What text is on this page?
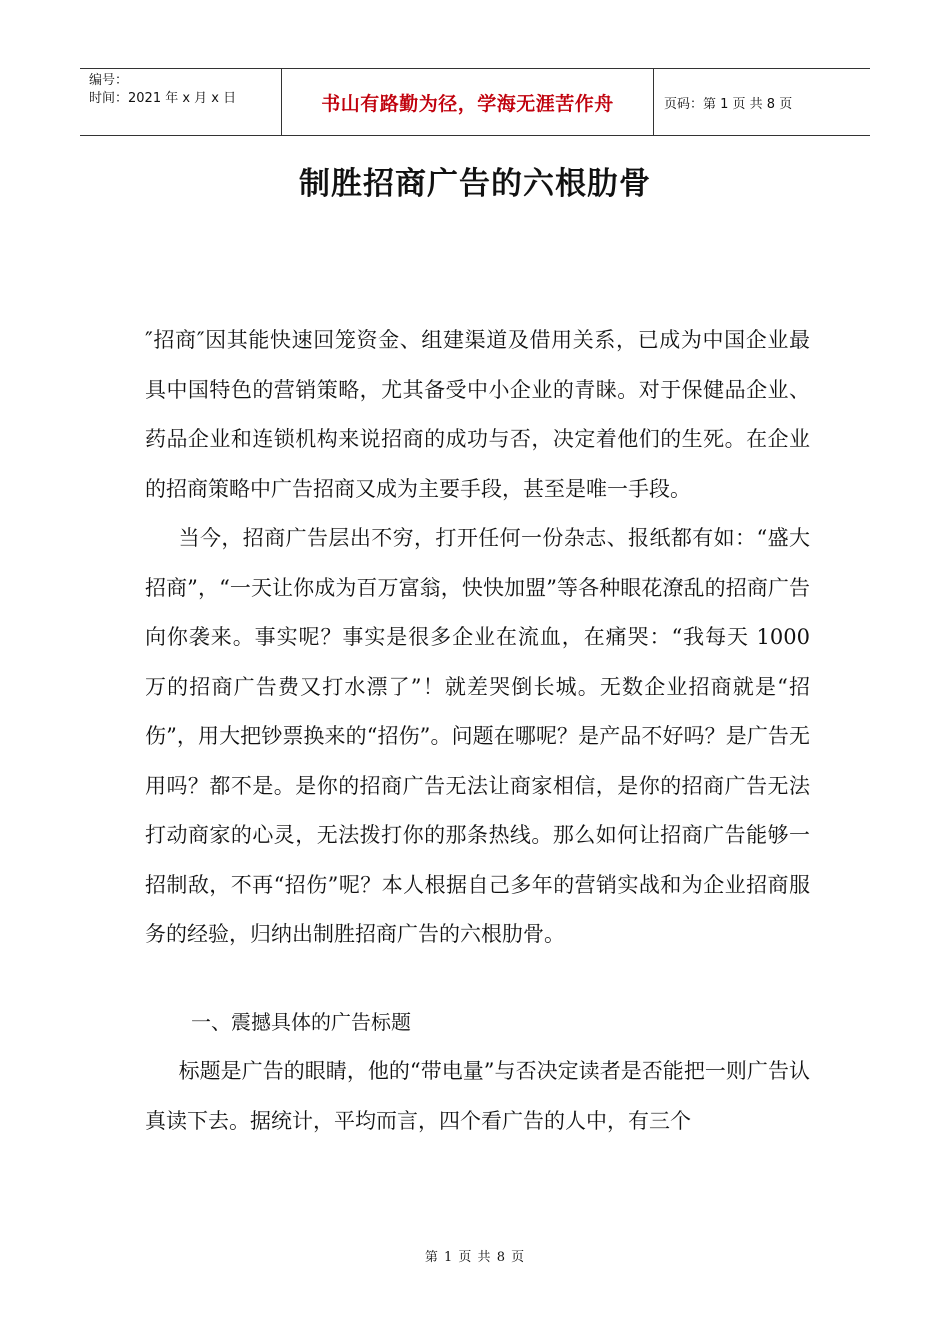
编号：
时间：2021 年 x 月 x 日	书山有路勤为径，学海无涯苦作舟	页码：第 1 页 共 8 页
制胜招商广告的六根肋骨

″招商″因其能快速回笼资金、组建渠道及借用关系，已成为中国企业最具中国特色的营销策略，尤其备受中小企业的青睐。对于保健品企业、药品企业和连锁机构来说招商的成功与否，决定着他们的生死。在企业的招商策略中广告招商又成为主要手段，甚至是唯一手段。

当今，招商广告层出不穷，打开任何一份杂志、报纸都有如：“盛大招商”，“一天让你成为百万富翁，快快加盟”等各种眼花潦乱的招商广告向你袭来。事实呢？事实是很多企业在流血，在痛哭：“我每天 1000 万的招商广告费又打水漂了”！就差哭倒长城。无数企业招商就是“招伤”，用大把钞票换来的“招伤”。问题在哪呢？是产品不好吗？是广告无用吗？都不是。是你的招商广告无法让商家相信，是你的招商广告无法打动商家的心灵，无法拨打你的那条热线。那么如何让招商广告能够一招制敌，不再“招伤”呢？本人根据自己多年的营销实战和为企业招商服务的经验，归纳出制胜招商广告的六根肋骨。

一、震撼具体的广告标题

标题是广告的眼睛，他的“带电量”与否决定读者是否能把一则广告认真读下去。据统计，平均而言，四个看广告的人中，有三个

第 1 页 共 8 页
